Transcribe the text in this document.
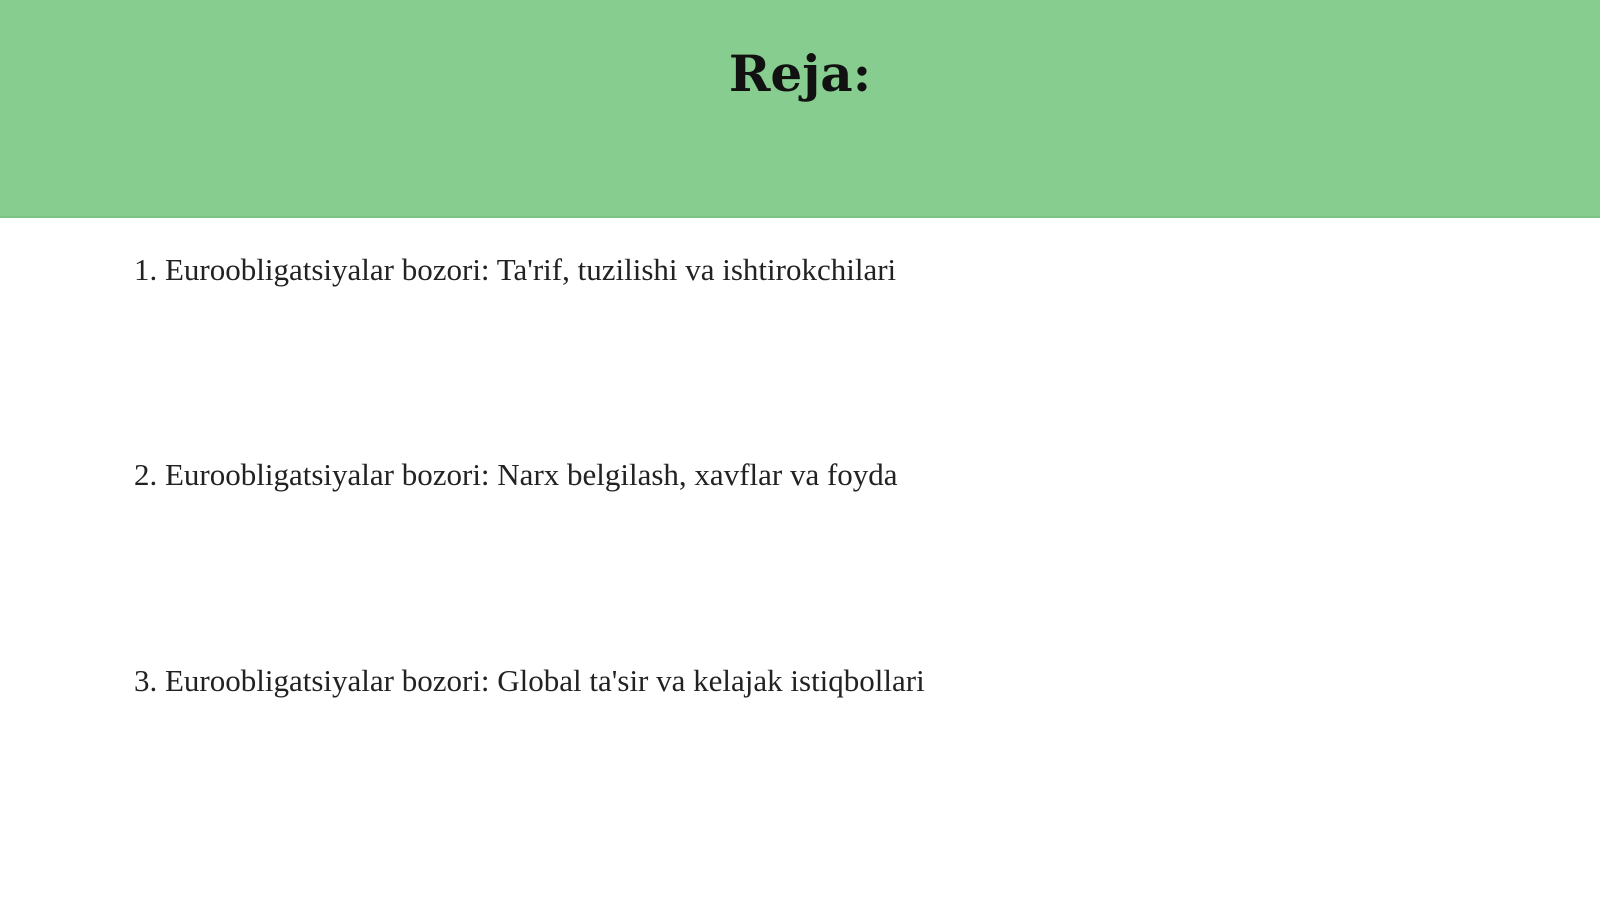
Reja:
1. Euroobligatsiyalar bozori: Ta'rif, tuzilishi va ishtirokchilari
2. Euroobligatsiyalar bozori: Narx belgilash, xavflar va foyda
3. Euroobligatsiyalar bozori: Global ta'sir va kelajak istiqbollari
